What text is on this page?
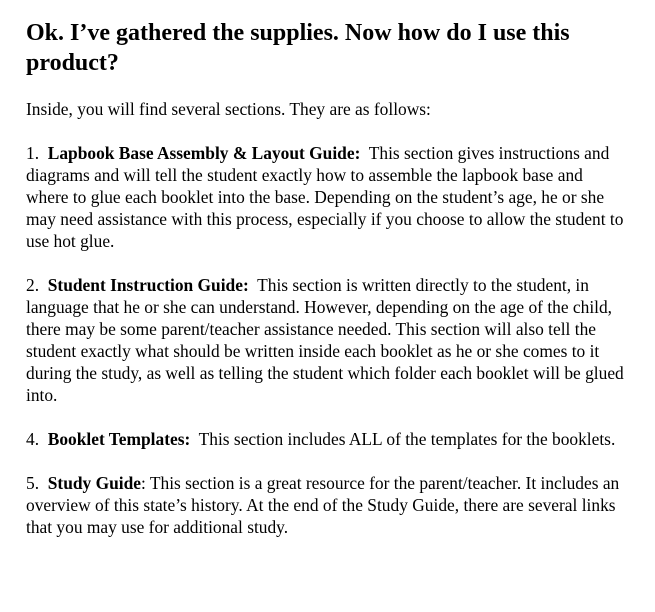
Ok. I’ve gathered the supplies. Now how do I use this product?
Inside, you will find several sections. They are as follows:
1. Lapbook Base Assembly & Layout Guide: This section gives instructions and diagrams and will tell the student exactly how to assemble the lapbook base and where to glue each booklet into the base. Depending on the student’s age, he or she may need assistance with this process, especially if you choose to allow the student to use hot glue.
2. Student Instruction Guide: This section is written directly to the student, in language that he or she can understand. However, depending on the age of the child, there may be some parent/teacher assistance needed. This section will also tell the student exactly what should be written inside each booklet as he or she comes to it during the study, as well as telling the student which folder each booklet will be glued into.
4. Booklet Templates: This section includes ALL of the templates for the booklets.
5. Study Guide: This section is a great resource for the parent/teacher. It includes an overview of this state’s history. At the end of the Study Guide, there are several links that you may use for additional study.
